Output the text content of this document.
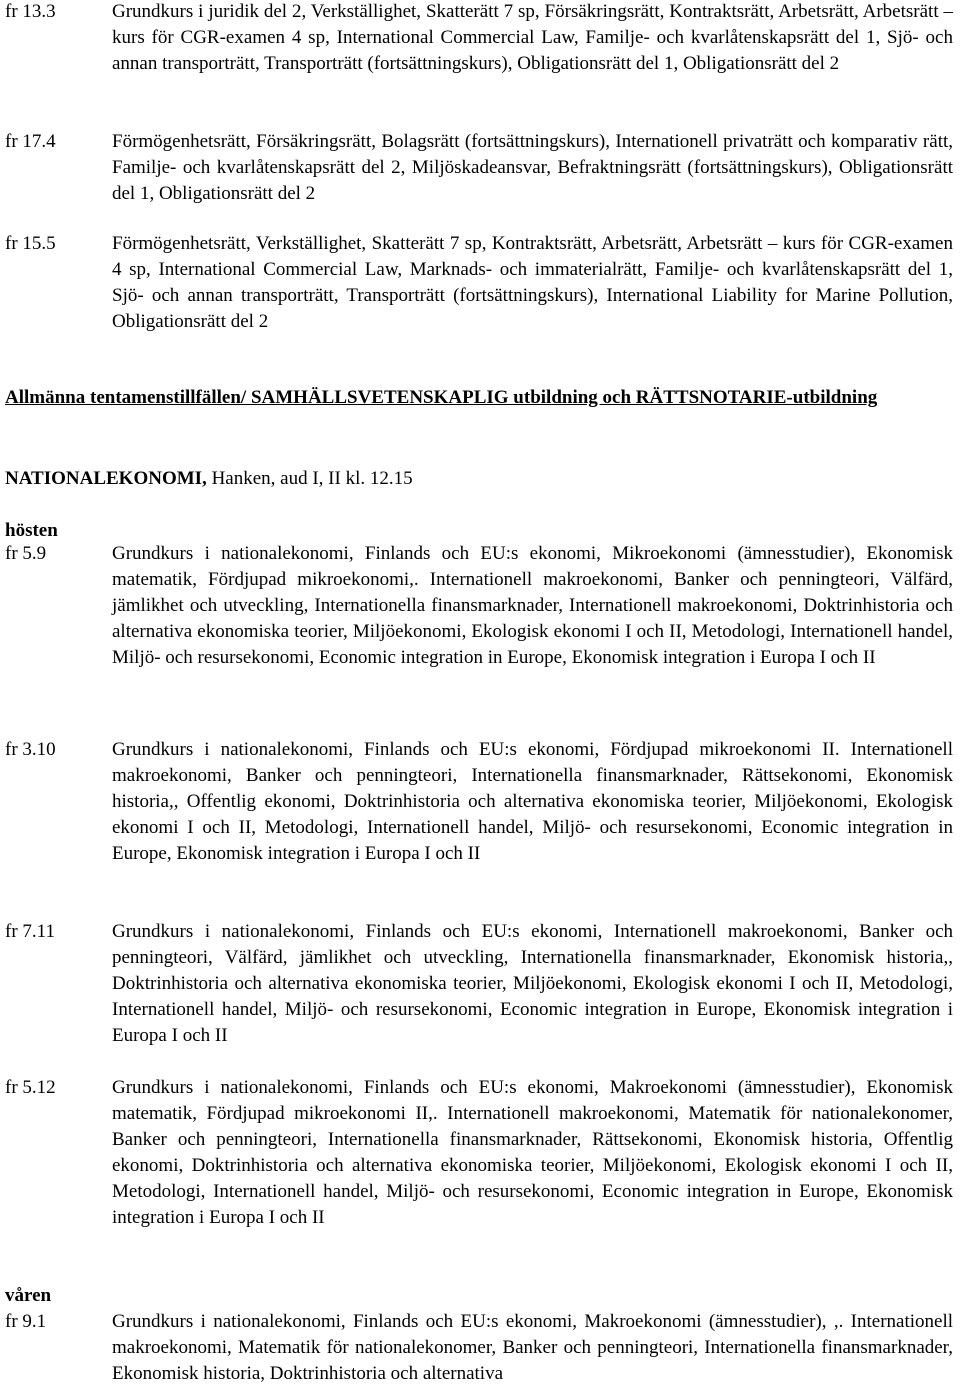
fr 13.3	Grundkurs i juridik del 2, Verkställighet, Skatterätt 7 sp, Försäkringsrätt, Kontraktsrätt, Arbetsrätt, Arbetsrätt – kurs för CGR-examen 4 sp, International Commercial Law, Familje- och kvarlåtenskapsrätt del 1, Sjö- och annan transporträtt, Transporträtt (fortsättningskurs), Obligationsrätt del 1, Obligationsrätt del 2
fr 17.4	Förmögenhetsrätt, Försäkringsrätt, Bolagsrätt (fortsättningskurs), Internationell privaträtt och komparativ rätt, Familje- och kvarlåtenskapsrätt del 2, Miljöskadeansvar, Befraktningsrätt (fortsättningskurs), Obligationsrätt del 1, Obligationsrätt del 2
fr 15.5	Förmögenhetsrätt, Verkställighet, Skatterätt 7 sp, Kontraktsrätt, Arbetsrätt, Arbetsrätt – kurs för CGR-examen 4 sp, International Commercial Law, Marknads- och immaterialrätt, Familje- och kvarlåtenskapsrätt del 1, Sjö- och annan transporträtt, Transporträtt (fortsättningskurs), International Liability for Marine Pollution, Obligationsrätt del 2
Allmänna tentamenstillfällen/ SAMHÄLLSVETENSKAPLIG utbildning och RÄTTSNOTARIE-utbildning
NATIONALEKONOMI, Hanken, aud I, II kl. 12.15
hösten
fr 5.9	Grundkurs i nationalekonomi, Finlands och EU:s ekonomi, Mikroekonomi (ämnesstudier), Ekonomisk matematik, Fördjupad mikroekonomi,. Internationell makroekonomi, Banker och penningteori, Välfärd, jämlikhet och utveckling, Internationella finansmarknader, Internationell makroekonomi, Doktrinhistoria och alternativa ekonomiska teorier, Miljöekonomi, Ekologisk ekonomi I och II, Metodologi, Internationell handel, Miljö- och resursekonomi, Economic integration in Europe, Ekonomisk integration i Europa I och II
fr 3.10	Grundkurs i nationalekonomi, Finlands och EU:s ekonomi, Fördjupad mikroekonomi II. Internationell makroekonomi, Banker och penningteori, Internationella finansmarknader, Rättsekonomi, Ekonomisk historia,, Offentlig ekonomi, Doktrinhistoria och alternativa ekonomiska teorier, Miljöekonomi, Ekologisk ekonomi I och II, Metodologi, Internationell handel, Miljö- och resursekonomi, Economic integration in Europe, Ekonomisk integration i Europa I och II
fr 7.11	Grundkurs i nationalekonomi, Finlands och EU:s ekonomi, Internationell makroekonomi, Banker och penningteori, Välfärd, jämlikhet och utveckling, Internationella finansmarknader, Ekonomisk historia,, Doktrinhistoria och alternativa ekonomiska teorier, Miljöekonomi, Ekologisk ekonomi I och II, Metodologi, Internationell handel, Miljö- och resursekonomi, Economic integration in Europe, Ekonomisk integration i Europa I och II
fr 5.12	Grundkurs i nationalekonomi, Finlands och EU:s ekonomi, Makroekonomi (ämnesstudier), Ekonomisk matematik, Fördjupad mikroekonomi II,. Internationell makroekonomi, Matematik för nationalekonomer, Banker och penningteori, Internationella finansmarknader, Rättsekonomi, Ekonomisk historia, Offentlig ekonomi, Doktrinhistoria och alternativa ekonomiska teorier, Miljöekonomi, Ekologisk ekonomi I och II, Metodologi, Internationell handel, Miljö- och resursekonomi, Economic integration in Europe, Ekonomisk integration i Europa I och II
våren
fr 9.1	Grundkurs i nationalekonomi, Finlands och EU:s ekonomi, Makroekonomi (ämnesstudier), ,. Internationell makroekonomi, Matematik för nationalekonomer, Banker och penningteori, Internationella finansmarknader, Ekonomisk historia, Doktrinhistoria och alternativa
